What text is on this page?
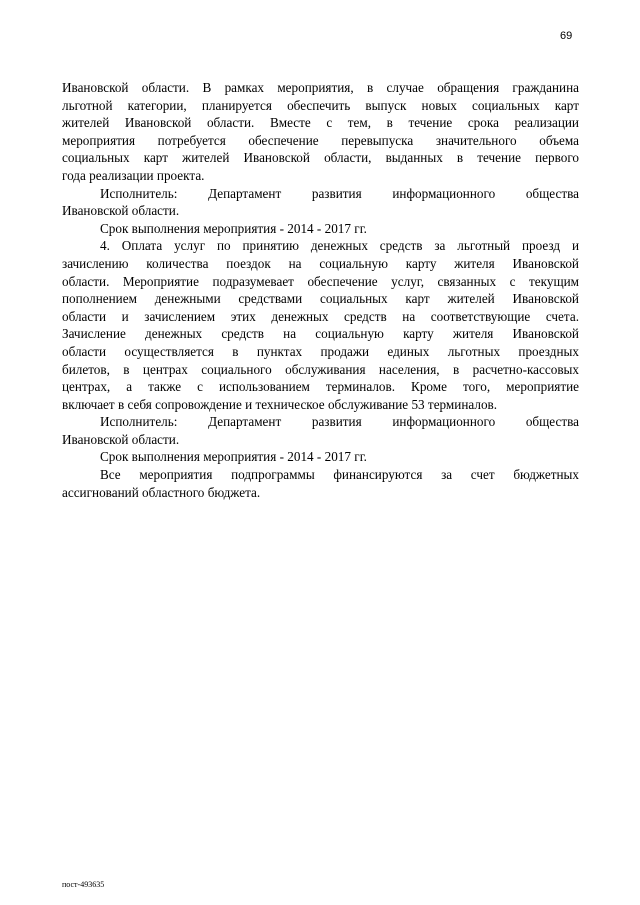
69

Ивановской области. В рамках мероприятия, в случае обращения гражданина

льготной категории, планируется обеспечить выпуск новых социальных карт

жителей Ивановской области. Вместе с тем, в течение срока реализации

мероприятия потребуется обеспечение перевыпуска значительного объема

социальных карт жителей Ивановской области, выданных в течение первого

года реализации проекта.

Исполнитель: Департамент развития информационного общества

Ивановской области.

Срок выполнения мероприятия - 2014 - 2017 гг.

4. Оплата услуг по принятию денежных средств за льготный проезд и

зачислению количества поездок на социальную карту жителя Ивановской

области. Мероприятие подразумевает обеспечение услуг, связанных с текущим

пополнением денежными средствами социальных карт жителей Ивановской

области и зачислением этих денежных средств на соответствующие счета.

Зачисление денежных средств на социальную карту жителя Ивановской

области осуществляется в пунктах продажи единых льготных проездных

билетов, в центрах социального обслуживания населения, в расчетно-кассовых

центрах, а также с использованием терминалов. Кроме того, мероприятие

включает в себя сопровождение и техническое обслуживание 53 терминалов.

Исполнитель: Департамент развития информационного общества

Ивановской области.

Срок выполнения мероприятия - 2014 - 2017 гг.

Все мероприятия подпрограммы финансируются за счет бюджетных

ассигнований областного бюджета.

пост-493635
